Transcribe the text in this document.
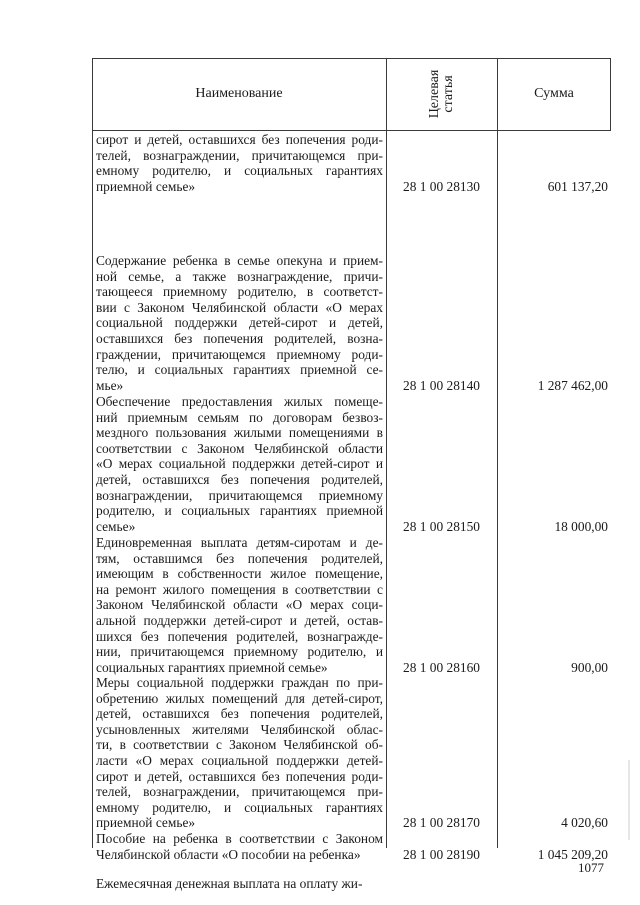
Наименование	Целевая статья	Сумма
сирот и детей, оставшихся без попечения роди-
телей, вознаграждении, причитающемся при-
емному родителю, и социальных гарантиях
приемной семье»	28 1 00 28130	601 137,20
Содержание ребенка в семье опекуна и прием-
ной семье, а также вознаграждение, причи-
тающееся приемному родителю, в соответст-
вии с Законом Челябинской области «О мерах
социальной поддержки детей-сирот и детей,
оставшихся без попечения родителей, возна-
граждении, причитающемся приемному роди-
телю, и социальных гарантиях приемной се-
мье»	28 1 00 28140	1 287 462,00
Обеспечение предоставления жилых помеще-
ний приемным семьям по договорам безвоз-
мездного пользования жилыми помещениями в
соответствии с Законом Челябинской области
«О мерах социальной поддержки детей-сирот и
детей, оставшихся без попечения родителей,
вознаграждении, причитающемся приемному
родителю, и социальных гарантиях приемной
семье»	28 1 00 28150	18 000,00
Единовременная выплата детям-сиротам и де-
тям, оставшимся без попечения родителей,
имеющим в собственности жилое помещение,
на ремонт жилого помещения в соответствии с
Законом Челябинской области «О мерах соци-
альной поддержки детей-сирот и детей, остав-
шихся без попечения родителей, вознагражде-
нии, причитающемся приемному родителю, и
социальных гарантиях приемной семье»	28 1 00 28160	900,00
Меры социальной поддержки граждан по при-
обретению жилых помещений для детей-сирот,
детей, оставшихся без попечения родителей,
усыновленных жителями Челябинской облас-
ти, в соответствии с Законом Челябинской об-
ласти «О мерах социальной поддержки детей-
сирот и детей, оставшихся без попечения роди-
телей, вознаграждении, причитающемся при-
емному родителю, и социальных гарантиях
приемной семье»	28 1 00 28170	4 020,60
Пособие на ребенка в соответствии с Законом
Челябинской области «О пособии на ребенка»	28 1 00 28190	1 045 209,20
Ежемесячная денежная выплата на оплату жи-
1077
